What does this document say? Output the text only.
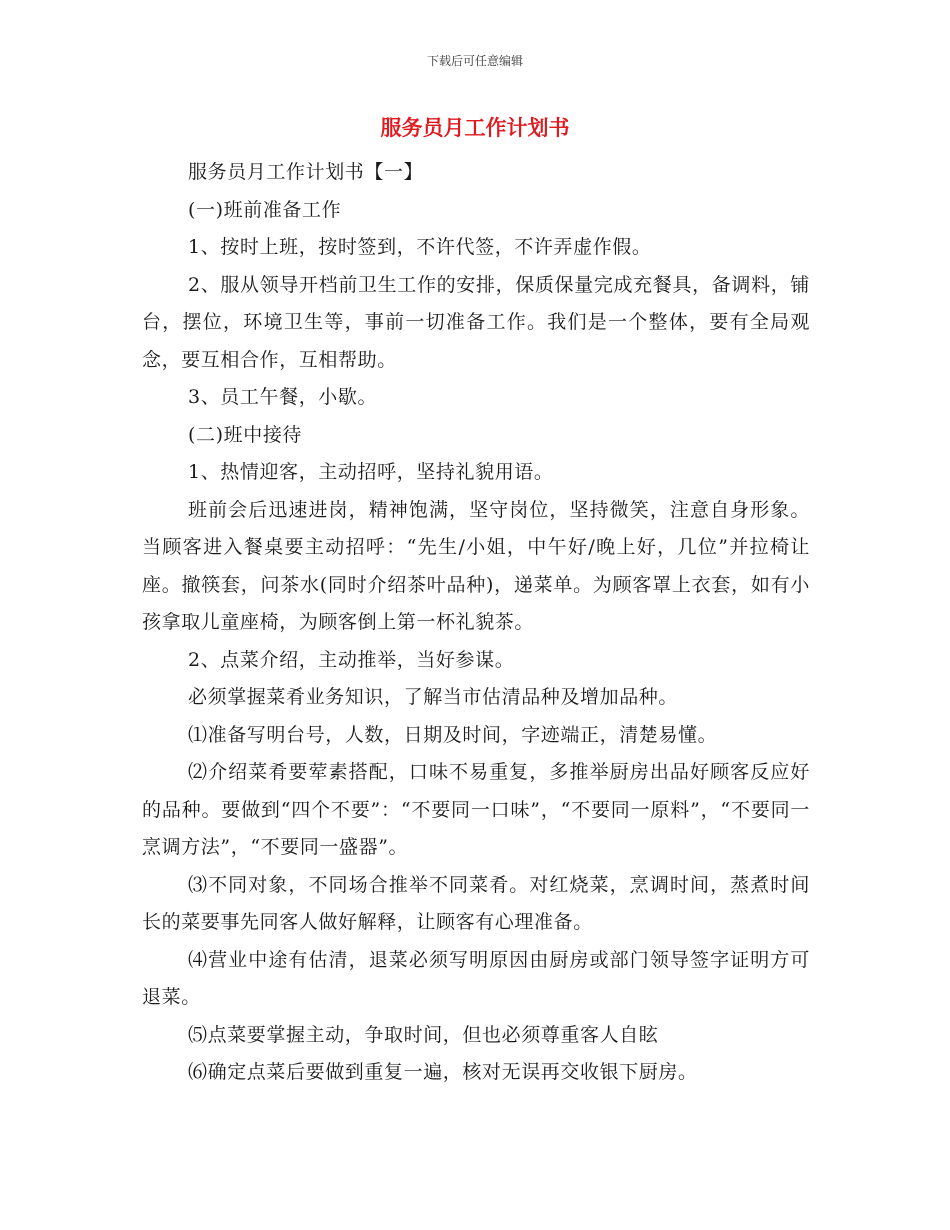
下载后可任意编辑
服务员月工作计划书

服务员月工作计划书【一】

(一)班前准备工作

1、按时上班，按时签到，不许代签，不许弄虚作假。

2、服从领导开档前卫生工作的安排，保质保量完成充餐具，备调料，铺台，摆位，环境卫生等，事前一切准备工作。我们是一个整体，要有全局观念，要互相合作，互相帮助。

3、员工午餐，小歇。

(二)班中接待

1、热情迎客，主动招呼，坚持礼貌用语。

班前会后迅速进岗，精神饱满，坚守岗位，坚持微笑，注意自身形象。当顾客进入餐桌要主动招呼：“先生/小姐，中午好/晚上好，几位”并拉椅让座。撤筷套，问茶水(同时介绍茶叶品种)，递菜单。为顾客罩上衣套，如有小孩拿取儿童座椅，为顾客倒上第一杯礼貌茶。

2、点菜介绍，主动推举，当好参谋。

必须掌握菜肴业务知识，了解当市估清品种及增加品种。

⑴准备写明台号，人数，日期及时间，字迹端正，清楚易懂。

⑵介绍菜肴要荤素搭配，口味不易重复，多推举厨房出品好顾客反应好的品种。要做到“四个不要”：“不要同一口味”，“不要同一原料”，“不要同一烹调方法”，“不要同一盛器”。

⑶不同对象，不同场合推举不同菜肴。对红烧菜，烹调时间，蒸煮时间长的菜要事先同客人做好解释，让顾客有心理准备。

⑷营业中途有估清，退菜必须写明原因由厨房或部门领导签字证明方可退菜。

⑸点菜要掌握主动，争取时间，但也必须尊重客人自眩

⑹确定点菜后要做到重复一遍，核对无误再交收银下厨房。
